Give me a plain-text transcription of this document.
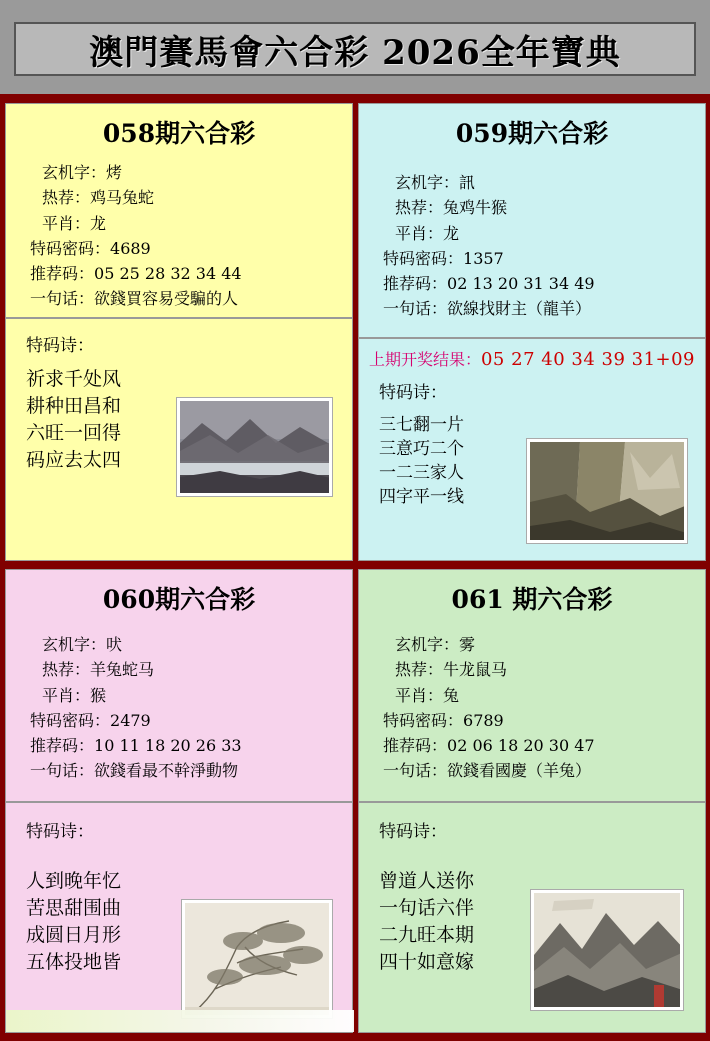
澳門賽馬會六合彩 2026全年寶典
058期六合彩
玄机字：烤
热荐：鸡马兔蛇
平肖：龙
特码密码：4689
推荐码：05 25 28 32 34 44
一句话：欲錢買容易受騙的人
特码诗：
祈求千处风
耕种田昌和
六旺一回得
码应去太四
059期六合彩
玄机字：訊
热荐：兔鸡牛猴
平肖：龙
特码密码：1357
推荐码：02 13 20 31 34 49
一句话：欲線找財主（龍羊）
上期开奖结果：05 27 40 34 39 31+09
特码诗：
三七翻一片
三意巧二个
一二三家人
四字平一线
060期六合彩
玄机字：吠
热荐：羊兔蛇马
平肖：猴
特码密码：2479
推荐码：10 11 18 20 26 33
一句话：欲錢看最不幹淨動物
特码诗：
人到晚年忆
苦思甜围曲
成圆日月形
五体投地皆
061 期六合彩
玄机字：雾
热荐：牛龙鼠马
平肖：兔
特码密码：6789
推荐码：02 06 18 20 30 47
一句话：欲錢看國慶（羊兔）
特码诗：
曾道人送你
一句话六伴
二九旺本期
四十如意嫁
